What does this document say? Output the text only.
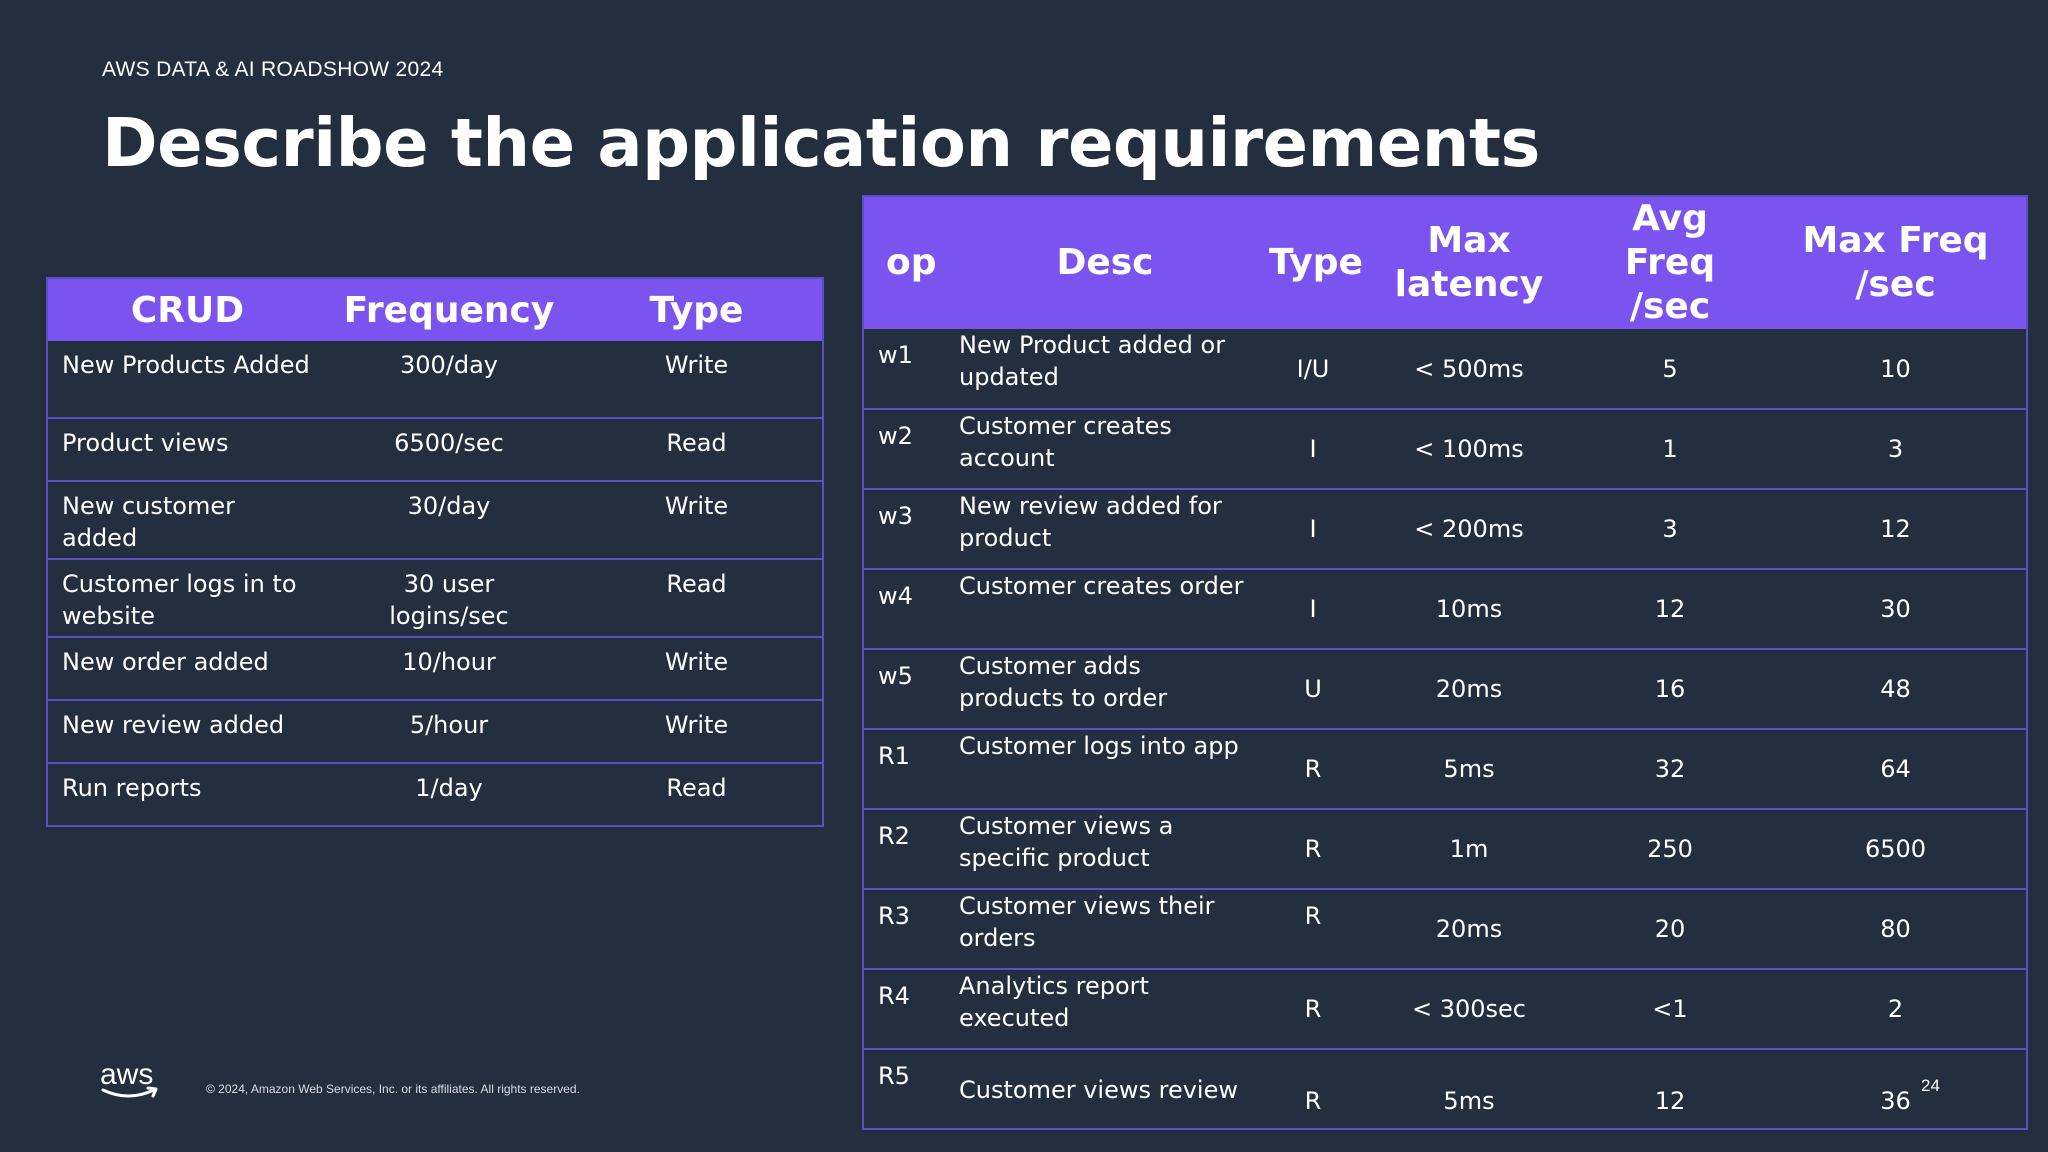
AWS DATA & AI ROADSHOW 2024
Describe the application requirements
CRUD	Frequency	Type
New Products Added	300/day	Write
Product views	6500/sec	Read
New customer added	30/day	Write
Customer logs in to website	30 user logins/sec	Read
New order added	10/hour	Write
New review added	5/hour	Write
Run reports	1/day	Read
op	Desc	Type	Max latency	Avg Freq /sec	Max Freq /sec
w1	New Product added or updated	I/U	< 500ms	5	10
w2	Customer creates account	I	< 100ms	1	3
w3	New review added for product	I	< 200ms	3	12
w4	Customer creates order	I	10ms	12	30
w5	Customer adds products to order	U	20ms	16	48
R1	Customer logs into app	R	5ms	32	64
R2	Customer views a specific product	R	1m	250	6500
R3	Customer views their orders	R	20ms	20	80
R4	Analytics report executed	R	< 300sec	<1	2
R5	Customer views review	R	5ms	12	36
aws	© 2024, Amazon Web Services, Inc. or its affiliates. All rights reserved.	24
